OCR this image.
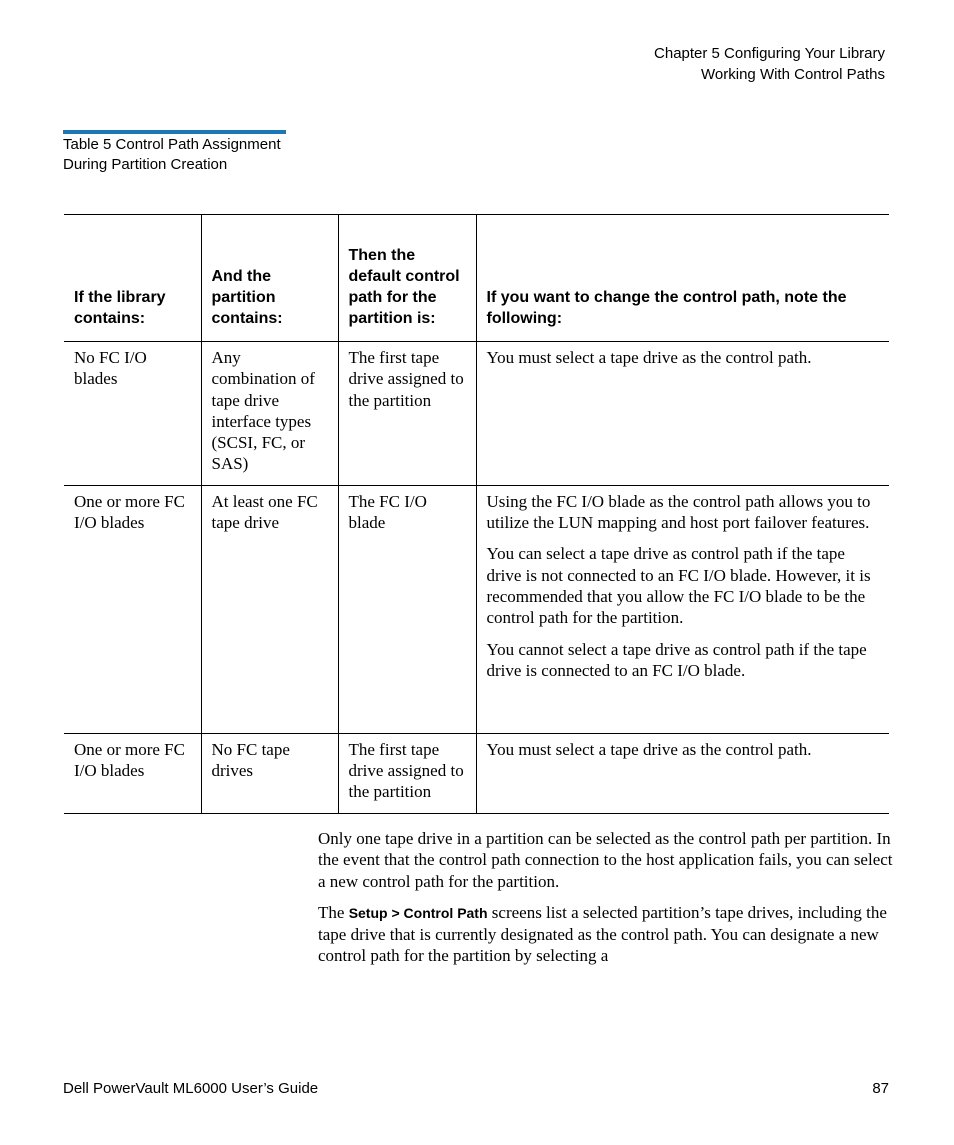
Chapter 5 Configuring Your Library
Working With Control Paths
Table 5 Control Path Assignment During Partition Creation
If the library contains:	And the partition contains:	Then the default control path for the partition is:	If you want to change the control path, note the following:
No FC I/O blades	Any combination of tape drive interface types (SCSI, FC, or SAS)	The first tape drive assigned to the partition	You must select a tape drive as the control path.

One or more FC I/O blades	At least one FC tape drive	The FC I/O blade	Using the FC I/O blade as the control path allows you to utilize the LUN mapping and host port failover features.

You can select a tape drive as control path if the tape drive is not connected to an FC I/O blade. However, it is recommended that you allow the FC I/O blade to be the control path for the partition.

You cannot select a tape drive as control path if the tape drive is connected to an FC I/O blade.

One or more FC I/O blades	No FC tape drives	The first tape drive assigned to the partition	You must select a tape drive as the control path.

Only one tape drive in a partition can be selected as the control path per partition. In the event that the control path connection to the host application fails, you can select a new control path for the partition.

The Setup > Control Path screens list a selected partition’s tape drives, including the tape drive that is currently designated as the control path. You can designate a new control path for the partition by selecting a

Dell PowerVault ML6000 User’s Guide	87
